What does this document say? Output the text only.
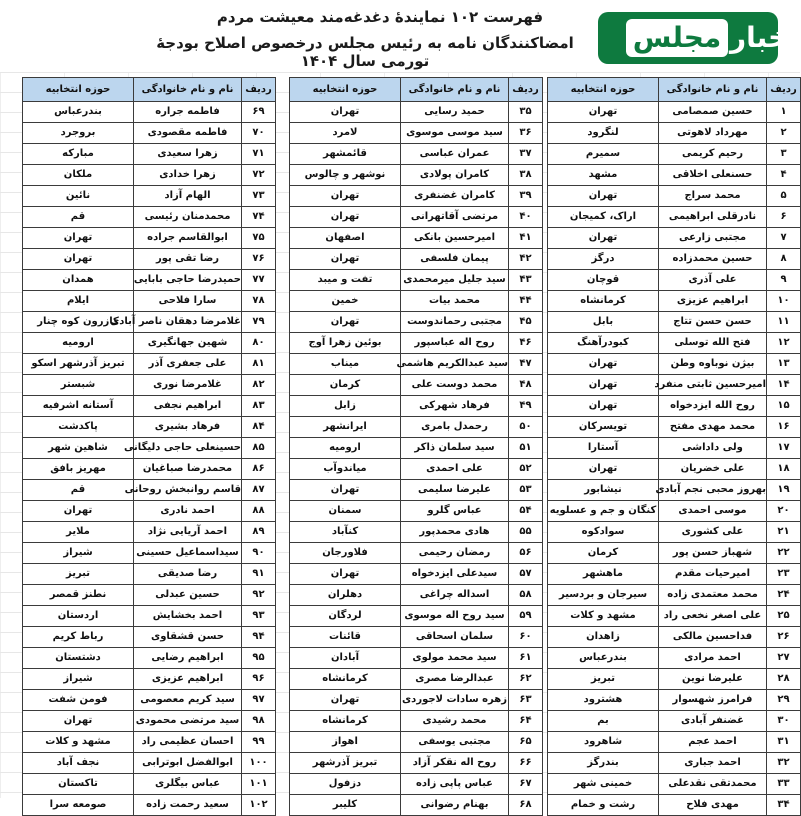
مجلس اخبار
فهرست ۱۰۲ نمایندهٔ دغدغه‌مند معیشت مردم
امضاکنندگان نامه به رئیس مجلس درخصوص اصلاح بودجهٔ تورمی سال ۱۴۰۴
ردیف
نام و نام خانوادگی
حوزه انتخابیه
۱
حسین صمصامی
تهران
۲
مهرداد لاهوتی
لنگرود
۳
رحیم کریمی
سمیرم
۴
حسنعلی اخلاقی
مشهد
۵
محمد سراج
تهران
۶
نادرقلی ابراهیمی
اراک، کمیجان
۷
مجتبی زارعی
تهران
۸
حسین محمدزاده
درگز
۹
علی آذری
قوچان
۱۰
ابراهیم عزیزی
کرمانشاه
۱۱
حسن حسن تتاج
بابل
۱۲
فتح الله توسلی
کبودرآهنگ
۱۳
بیژن نوباوه وطن
تهران
۱۴
امیرحسین ثابتی منفرد
تهران
۱۵
روح الله ایزدخواه
تهران
۱۶
محمد مهدی مفتح
تویسرکان
۱۷
ولی داداشی
آستارا
۱۸
علی خضریان
تهران
۱۹
بهروز محبی نجم آبادی
نیشابور
۲۰
موسی احمدی
کنگان و جم و عسلویه
۲۱
علی کشوری
سوادکوه
۲۲
شهباز حسن پور
کرمان
۲۳
امیرحیات مقدم
ماهشهر
۲۴
محمد معتمدی زاده
سیرجان و بردسیر
۲۵
علی اصغر نخعی راد
مشهد و کلات
۲۶
فداحسین مالکی
زاهدان
۲۷
احمد مرادی
بندرعباس
۲۸
علیرضا نوین
تبریز
۲۹
فرامرز شهسوار
هشترود
۳۰
غضنفر آبادی
بم
۳۱
احمد عجم
شاهرود
۳۲
احمد جباری
بندرگز
۳۳
محمدتقی نقدعلی
خمینی شهر
۳۴
مهدی فلاح
رشت و خمام
ردیف
نام و نام خانوادگی
حوزه انتخابیه
۳۵
حمید رسایی
تهران
۳۶
سید موسی موسوی
لامرد
۳۷
عمران عباسی
قائمشهر
۳۸
کامران پولادی
نوشهر و چالوس
۳۹
کامران غضنفری
تهران
۴۰
مرتضی آقاتهرانی
تهران
۴۱
امیرحسین بانکی
اصفهان
۴۲
پیمان فلسفی
تهران
۴۳
سید جلیل میرمحمدی
تفت و میبد
۴۴
محمد بیات
خمین
۴۵
مجتبی رحماندوست
تهران
۴۶
روح اله عباسپور
بوئین زهرا آوج
۴۷
سید عبدالکریم هاشمی
میناب
۴۸
محمد دوست علی
کرمان
۴۹
فرهاد شهرکی
زابل
۵۰
رحمدل بامری
ایرانشهر
۵۱
سید سلمان ذاکر
ارومیه
۵۲
علی احمدی
میاندوآب
۵۳
علیرضا سلیمی
تهران
۵۴
عباس گلرو
سمنان
۵۵
هادی محمدپور
کنآباد
۵۶
رمضان رحیمی
فلاورجان
۵۷
سیدعلی ایزدخواه
تهران
۵۸
اسداله چراغی
دهلران
۵۹
سید روح اله موسوی
لردگان
۶۰
سلمان اسحاقی
قائنات
۶۱
سید محمد مولوی
آبادان
۶۲
عبدالرضا مصری
کرمانشاه
۶۳
زهره سادات لاجوردی
تهران
۶۴
محمد رشیدی
کرمانشاه
۶۵
مجتبی یوسفی
اهواز
۶۶
روح اله نقکر آزاد
تبریز آذرشهر
۶۷
عباس پاپی زاده
دزفول
۶۸
بهنام رضوانی
کلیبر
ردیف
نام و نام خانوادگی
حوزه انتخابیه
۶۹
فاطمه جراره
بندرعباس
۷۰
فاطمه مقصودی
بروجرد
۷۱
زهرا سعیدی
مبارکه
۷۲
زهرا خدادی
ملکان
۷۳
الهام آزاد
نائین
۷۴
محمدمنان رئیسی
قم
۷۵
ابوالقاسم جراده
تهران
۷۶
رضا تقی پور
تهران
۷۷
حمیدرضا حاجی بابایی
همدان
۷۸
سارا فلاحی
ایلام
۷۹
غلامرضا دهقان ناصر آبادی
کازرون کوه چنار
۸۰
شهین جهانگیری
ارومیه
۸۱
علی جعفری آذر
تبریز آذرشهر اسکو
۸۲
غلامرضا نوری
شبستر
۸۳
ابراهیم نجفی
آستانه اشرفیه
۸۴
فرهاد بشیری
پاکدشت
۸۵
حسینعلی حاجی دلیگانی
شاهین شهر
۸۶
محمدرضا صباغیان
مهریز بافق
۸۷
قاسم روانبخش روحانی
قم
۸۸
احمد نادری
تهران
۸۹
احمد آریایی نژاد
ملایر
۹۰
سیداسماعیل حسینی
شیراز
۹۱
رضا صدیقی
تبریز
۹۲
حسین عبدلی
نطنز قمصر
۹۳
احمد بخشایش
اردستان
۹۴
حسن قشقاوی
رباط کریم
۹۵
ابراهیم رضایی
دشتستان
۹۶
ابراهیم عزیزی
شیراز
۹۷
سید کریم معصومی
فومن شفت
۹۸
سید مرتضی محمودی
تهران
۹۹
احسان عظیمی راد
مشهد و کلات
۱۰۰
ابوالفضل ابوترابی
نجف آباد
۱۰۱
عباس بیگلری
تاکستان
۱۰۲
سعید رحمت زاده
صومعه سرا
